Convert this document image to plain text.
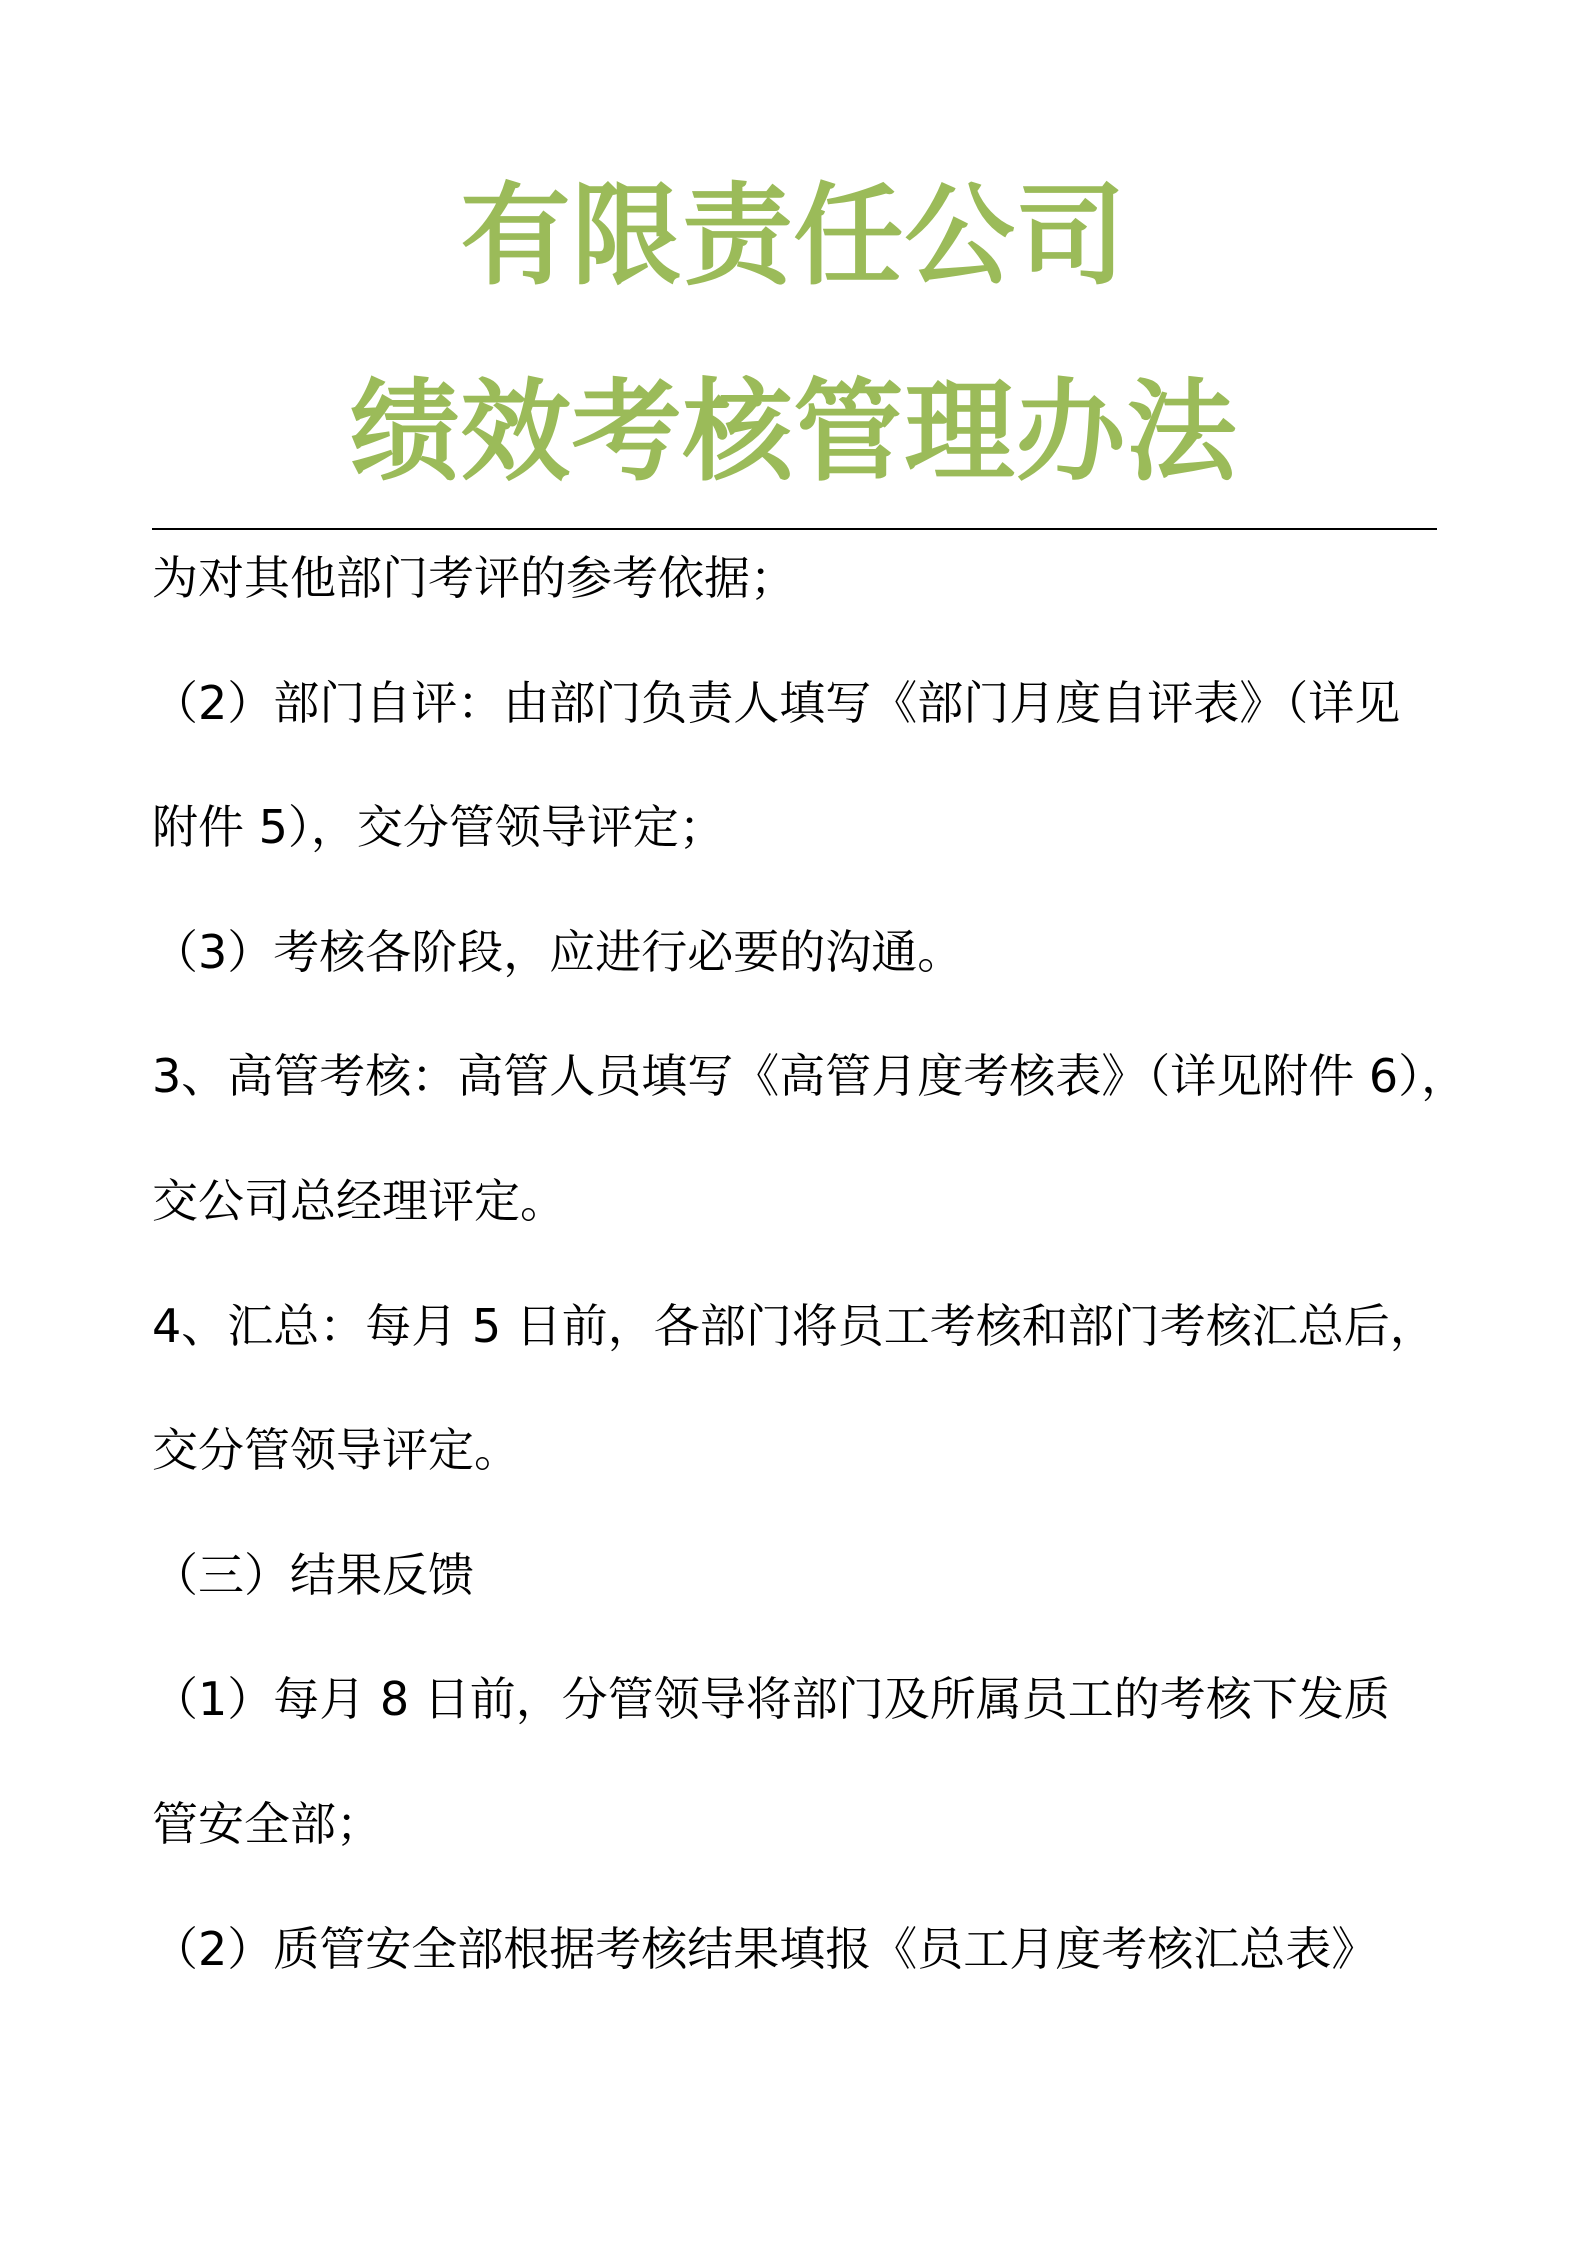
有限责任公司
绩效考核管理办法
为对其他部门考评的参考依据；
（2）部门自评：由部门负责人填写《部门月度自评表》（详见
附件 5），交分管领导评定；
（3）考核各阶段，应进行必要的沟通。
3、高管考核：高管人员填写《高管月度考核表》（详见附件 6），
交公司总经理评定。
4、汇总：每月 5 日前，各部门将员工考核和部门考核汇总后，
交分管领导评定。
（三）结果反馈
（1）每月 8 日前，分管领导将部门及所属员工的考核下发质
管安全部；
（2）质管安全部根据考核结果填报《员工月度考核汇总表》
